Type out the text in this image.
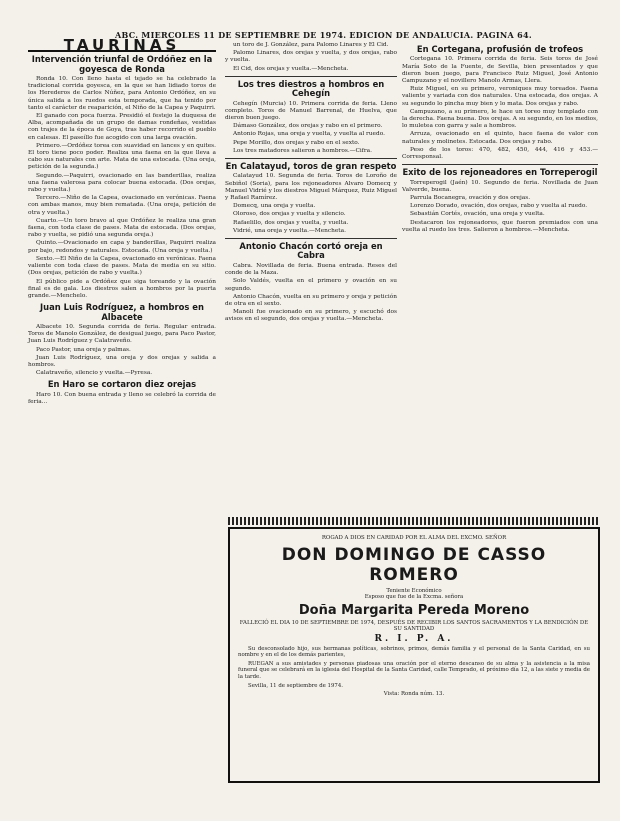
ABC. MIERCOLES 11 DE SEPTIEMBRE DE 1974. EDICION DE ANDALUCIA. PAGINA 64.
TAURINAS
Intervención triunfal de Ordóñez en la goyesca de Ronda

Ronda 10. Con lleno hasta el tejado se ha celebrado la tradicional corrida goyesca, en la que se han lidiado toros de los Herederos de Carlos Núñez, para Antonio Ordóñez, en su única salida a los ruedos esta temporada, que ha tenido por tanto el carácter de reaparición, el Niño de la Capea y Paquirri.

El ganado con poca fuerza. Presidió el festejo la duquesa de Alba, acompañada de un grupo de damas rondeñas, vestidas con trajes de la época de Goya, tras haber recorrido el pueblo en calesas. El paseíllo fue acogido con una larga ovación.

Primero.—Ordóñez torea con suavidad en lances y en quites. El toro tiene poco poder. Realiza una faena en la que lleva a cabo sus naturales con arte. Mata de una estocada. (Una oreja, petición de la segunda.)

Segundo.—Paquirri, ovacionado en las banderillas, realiza una faena valerosa para colocar buena estocada. (Dos orejas, rabo y vuelta.)

Tercero.—Niño de la Capea, ovacionado en verónicas. Faena con ambas manos, muy bien rematada. (Una oreja, petición de otra y vuelta.)

Cuarto.—Un toro bravo al que Ordóñez le realiza una gran faena, con toda clase de pases. Mata de estocada. (Dos orejas, rabo y vuelta, se pidió una segunda oreja.)

Quinto.—Ovacionado en capa y banderillas, Paquirri realiza por bajo, redondos y naturales. Estocada. (Una oreja y vuelta.)

Sexto.—El Niño de la Capea, ovacionado en verónicas. Faena valiente con toda clase de pases. Mata de media en su sitio. (Dos orejas, petición de rabo y vuelta.)

El público pide a Ordóñez que siga toreando y la ovación final es de gala. Los diestros salen a hombros por la puerta grande.—Menchelo.

Juan Luis Rodríguez, a hombros en Albacete

Albacete 10. Segunda corrida de feria. Regular entrada. Toros de Manolo González, de desigual juego, para Paco Pastor, Juan Luis Rodríguez y Calatraveño.

Paco Pastor, una oreja y palmas.

Juan Luis Rodríguez, una oreja y dos orejas y salida a hombros.

Calatraveño, silencio y vuelta.—Pyresa.

En Haro se cortaron diez orejas

Haro 10. Con buena entrada y lleno se celebró la corrida de feria...

un toro de J. González, para Palomo Linares y El Cid.

Palomo Linares, dos orejas y vuelta, y dos orejas, rabo y vuelta.

El Cid, dos orejas y vuelta.—Mencheta.

Los tres diestros a hombros en Cehegín

Cehegín (Murcia) 10. Primera corrida de feria. Lleno completo. Toros de Manuel Barrenal, de Huelva, que dieron buen juego.

Dámaso González, dos orejas y rabo en el primero.

Antonio Rojas, una oreja y vuelta, y vuelta al ruedo.

Pepe Morillo, dos orejas y rabo en el sexto.

Los tres matadores salieron a hombros.—Cifra.

En Calatayud, toros de gran respeto

Calatayud 10. Segunda de feria. Toros de Loroño de Sebiñol (Soria), para los rejoneadores Alvaro Domecq y Manuel Vidrié y los diestros Miguel Márquez, Ruiz Miguel y Rafael Ramírez.

Domecq, una oreja y vuelta.

Oloroso, dos orejas y vuelta y silencio.

Rafaelillo, dos orejas y vuelta, y vuelta.

Vidrié, una oreja y vuelta.—Mencheta.

Antonio Chacón cortó oreja en Cabra

Cabra. Novillada de feria. Buena entrada. Reses del conde de la Maza.

Solo Valdés, vuelta en el primero y ovación en su segundo.

Antonio Chacón, vuelta en su primero y oreja y petición de otra en el sexto.

Manoli fue ovacionado en su primero, y escuchó dos avisos en el segundo, dos orejas y vuelta.—Mencheta.

En Cortegana, profusión de trofeos

Cortegana 10. Primera corrida de feria. Seis toros de José María Soto de la Fuente, de Sevilla, bien presentados y que dieron buen juego, para Francisco Ruiz Miguel, José Antonio Campuzano y el novillero Manolo Armas, Llera.

Ruiz Miguel, en su primero, veroniques muy toreados. Faena valiente y variada con dos naturales. Una estocada, dos orejas. A su segundo lo pincha muy bien y lo mata. Dos orejas y rabo.

Campuzano, a su primero, le hace un toreo muy templado con la derecha. Faena buena. Dos orejas. A su segundo, en los medios, lo muletea con garra y sale a hombros.

Arruza, ovacionado en el quinto, hace faena de valor con naturales y molinetes. Estocada. Dos orejas y rabo.

Peso de los toros: 470, 482, 450, 444, 416 y 453.—Corresponsal.

Exito de los rejoneadores en Torreperogil

Torreperogil (Jaén) 10. Segundo de feria. Novillada de Juan Valverde, buena.

Parrula Bocanegra, ovación y dos orejas.

Lorenzo Dorado, ovación, dos orejas, rabo y vuelta al ruedo.

Sebastián Cortés, ovación, una oreja y vuelta.

Destacaron los rejoneadores, que fueron premiados con una vuelta al ruedo los tres. Salieron a hombros.—Mencheta.

ROGAD A DIOS EN CARIDAD POR EL ALMA DEL EXCMO. SEÑOR
DON DOMINGO DE CASSO ROMERO
Teniente Económico
Esposo que fue de la Excma. señora
Doña Margarita Pereda Moreno
FALLECIÓ EL DIA 10 DE SEPTIEMBRE DE 1974, DESPUÉS DE RECIBIR LOS SANTOS SACRAMENTOS Y LA BENDICIÓN DE SU SANTIDAD
R. I. P. A.

Su desconsolado hijo, sus hermanas políticas, sobrinos, primos, demás familia y el personal de la Santa Caridad, en su nombre y en el de los demás parientes,

RUEGAN a sus amistades y personas piadosas una oración por el eterno descanso de su alma y la asistencia a la misa funeral que se celebrará en la iglesia del Hospital de la Santa Caridad, calle Temprado, el próximo día 12, a las siete y media de la tarde.

Sevilla, 11 de septiembre de 1974.

Vista: Ronda núm. 13.
